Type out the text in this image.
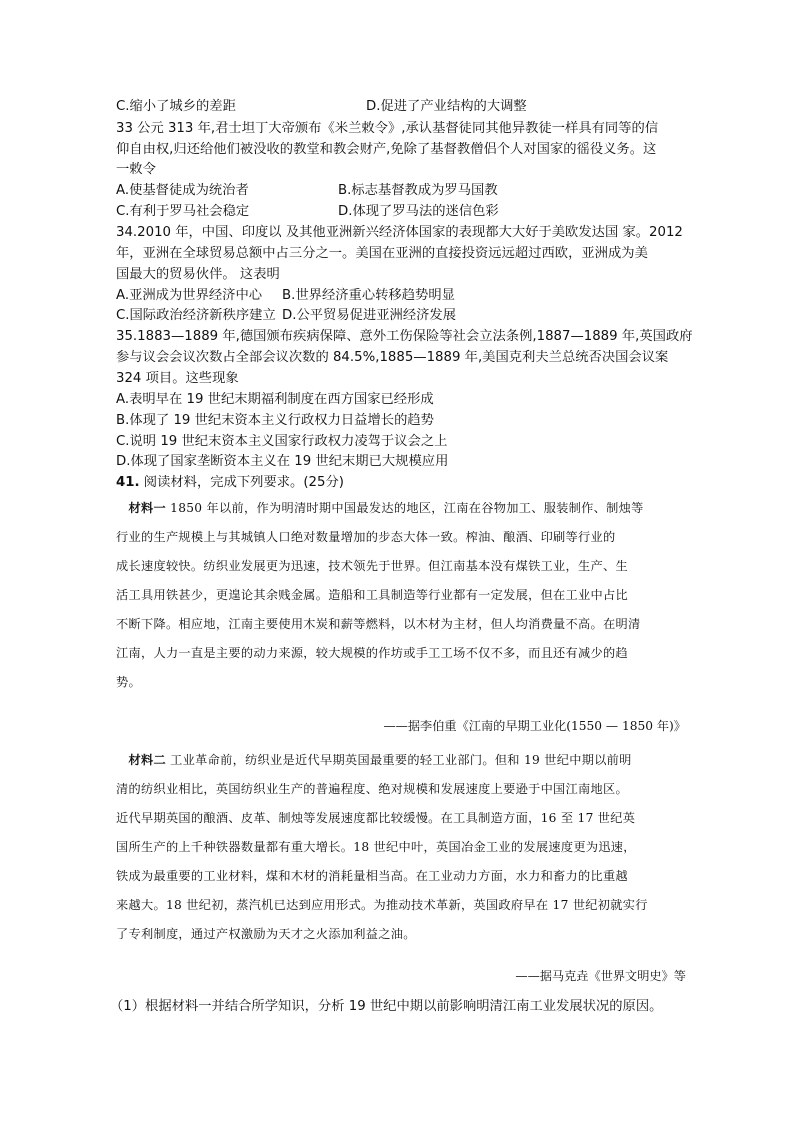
C.缩小了城乡的差距	D.促进了产业结构的大调整
33 公元 313 年,君士坦丁大帝颁布《米兰敕令》,承认基督徒同其他异教徒一样具有同等的信
仰自由权,归还给他们被没收的教堂和教会财产,免除了基督教僧侣个人对国家的徭役义务。这
一敕令
A.使基督徒成为统治者	B.标志基督教成为罗马国教
C.有利于罗马社会稳定	D.体现了罗马法的迷信色彩
34.2010 年，中国、印度以 及其他亚洲新兴经济体国家的表现都大大好于美欧发达国 家。2012
年，亚洲在全球贸易总额中占三分之一。美国在亚洲的直接投资远远超过西欧，亚洲成为美
国最大的贸易伙伴。 这表明
A.亚洲成为世界经济中心 B.世界经济重心转移趋势明显
C.国际政治经济新秩序建立 D.公平贸易促进亚洲经济发展
35.1883—1889 年,德国颁布疾病保障、意外工伤保险等社会立法条例,1887—1889 年,英国政府
参与议会会议次数占全部会议次数的 84.5%,1885—1889 年,美国克利夫兰总统否决国会议案
324 项目。这些现象
A.表明早在 19 世纪末期福利制度在西方国家已经形成
B.体现了 19 世纪末资本主义行政权力日益增长的趋势
C.说明 19 世纪末资本主义国家行政权力凌驾于议会之上
D.体现了国家垄断资本主义在 19 世纪末期已大规模应用
41. 阅读材料，完成下列要求。(25分)
　材料一 1850 年以前，作为明清时期中国最发达的地区，江南在谷物加工、服装制作、制烛等
行业的生产规模上与其城镇人口绝对数量增加的步态大体一致。榨油、酿酒、印刷等行业的
成长速度较快。纺织业发展更为迅速，技术领先于世界。但江南基本没有煤铁工业，生产、生
活工具用铁甚少，更遑论其余贱金属。造船和工具制造等行业都有一定发展，但在工业中占比
不断下降。相应地，江南主要使用木炭和薪等燃料，以木材为主材，但人均消费量不高。在明清
江南，人力一直是主要的动力来源，较大规模的作坊或手工工场不仅不多，而且还有减少的趋
势。
——据李伯重《江南的早期工业化(1550 — 1850 年)》
　材料二 工业革命前，纺织业是近代早期英国最重要的轻工业部门。但和 19 世纪中期以前明
清的纺织业相比，英国纺织业生产的普遍程度、绝对规模和发展速度上要逊于中国江南地区。
近代早期英国的酿酒、皮革、制烛等发展速度都比较缓慢。在工具制造方面，16 至 17 世纪英
国所生产的上千种铁器数量都有重大增长。18 世纪中叶，英国冶金工业的发展速度更为迅速，
铁成为最重要的工业材料，煤和木材的消耗量相当高。在工业动力方面，水力和畜力的比重越
来越大。18 世纪初，蒸汽机已达到应用形式。为推动技术革新，英国政府早在 17 世纪初就实行
了专利制度，通过产权激励为天才之火添加利益之油。
——据马克垚《世界文明史》等
（1）根据材料一并结合所学知识，分析 19 世纪中期以前影响明清江南工业发展状况的原因。
